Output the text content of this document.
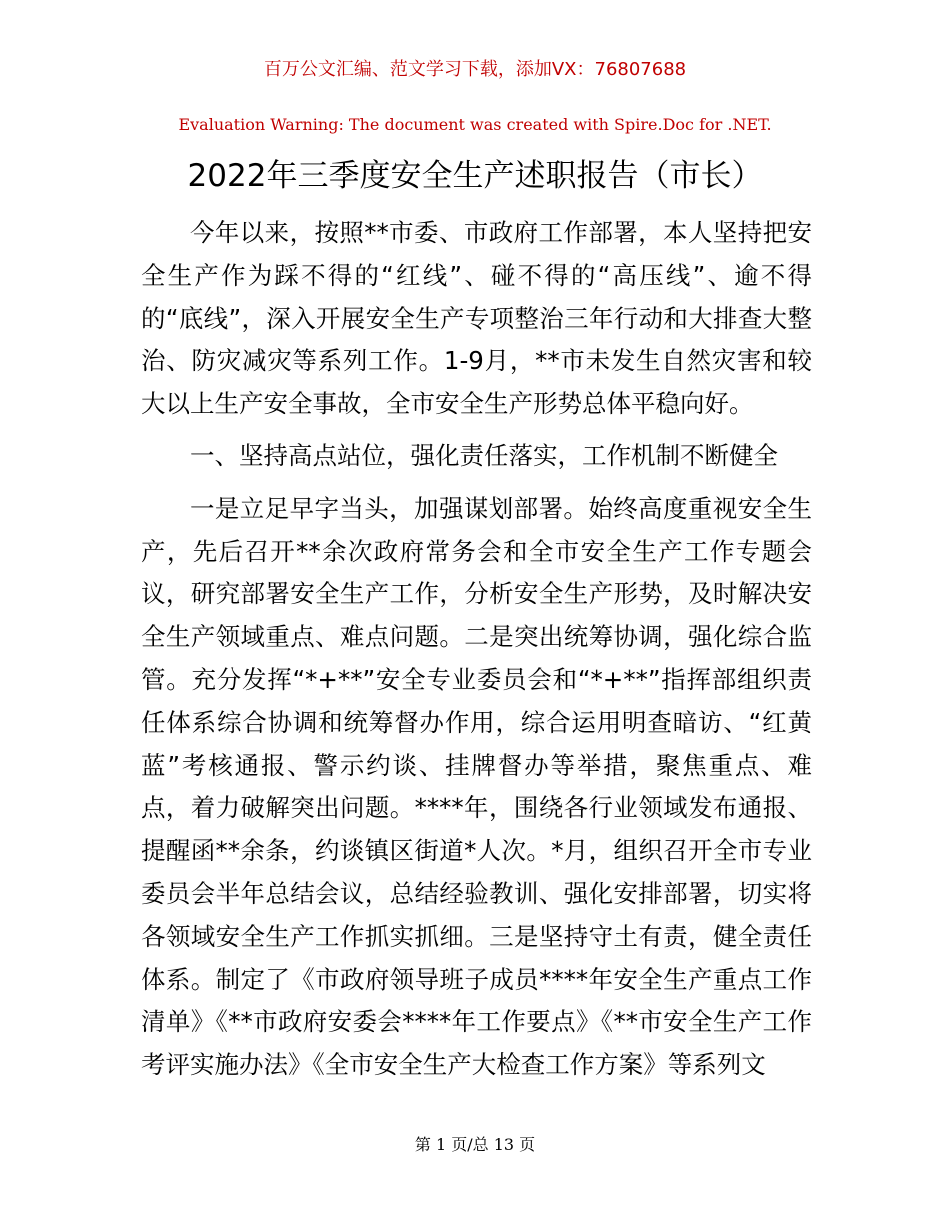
百万公文汇编、范文学习下载，添加VX：76807688
Evaluation Warning: The document was created with Spire.Doc for .NET.
2022年三季度安全生产述职报告（市长）

今年以来，按照**市委、市政府工作部署，本人坚持把安全生产作为踩不得的“红线”、碰不得的“高压线”、逾不得的“底线”，深入开展安全生产专项整治三年行动和大排查大整治、防灾减灾等系列工作。1-9月，**市未发生自然灾害和较大以上生产安全事故，全市安全生产形势总体平稳向好。

一、坚持高点站位，强化责任落实，工作机制不断健全

一是立足早字当头，加强谋划部署。始终高度重视安全生产，先后召开**余次政府常务会和全市安全生产工作专题会议，研究部署安全生产工作，分析安全生产形势，及时解决安全生产领域重点、难点问题。二是突出统筹协调，强化综合监管。充分发挥“*+**”安全专业委员会和“*+**”指挥部组织责任体系综合协调和统筹督办作用，综合运用明查暗访、“红黄蓝”考核通报、警示约谈、挂牌督办等举措，聚焦重点、难点，着力破解突出问题。****年，围绕各行业领域发布通报、提醒函**余条，约谈镇区街道*人次。*月，组织召开全市专业委员会半年总结会议，总结经验教训、强化安排部署，切实将各领域安全生产工作抓实抓细。三是坚持守土有责，健全责任体系。制定了《市政府领导班子成员****年安全生产重点工作清单》《**市政府安委会****年工作要点》《**市安全生产工作考评实施办法》《全市安全生产大检查工作方案》等系列文

第 1 页/总 13 页
